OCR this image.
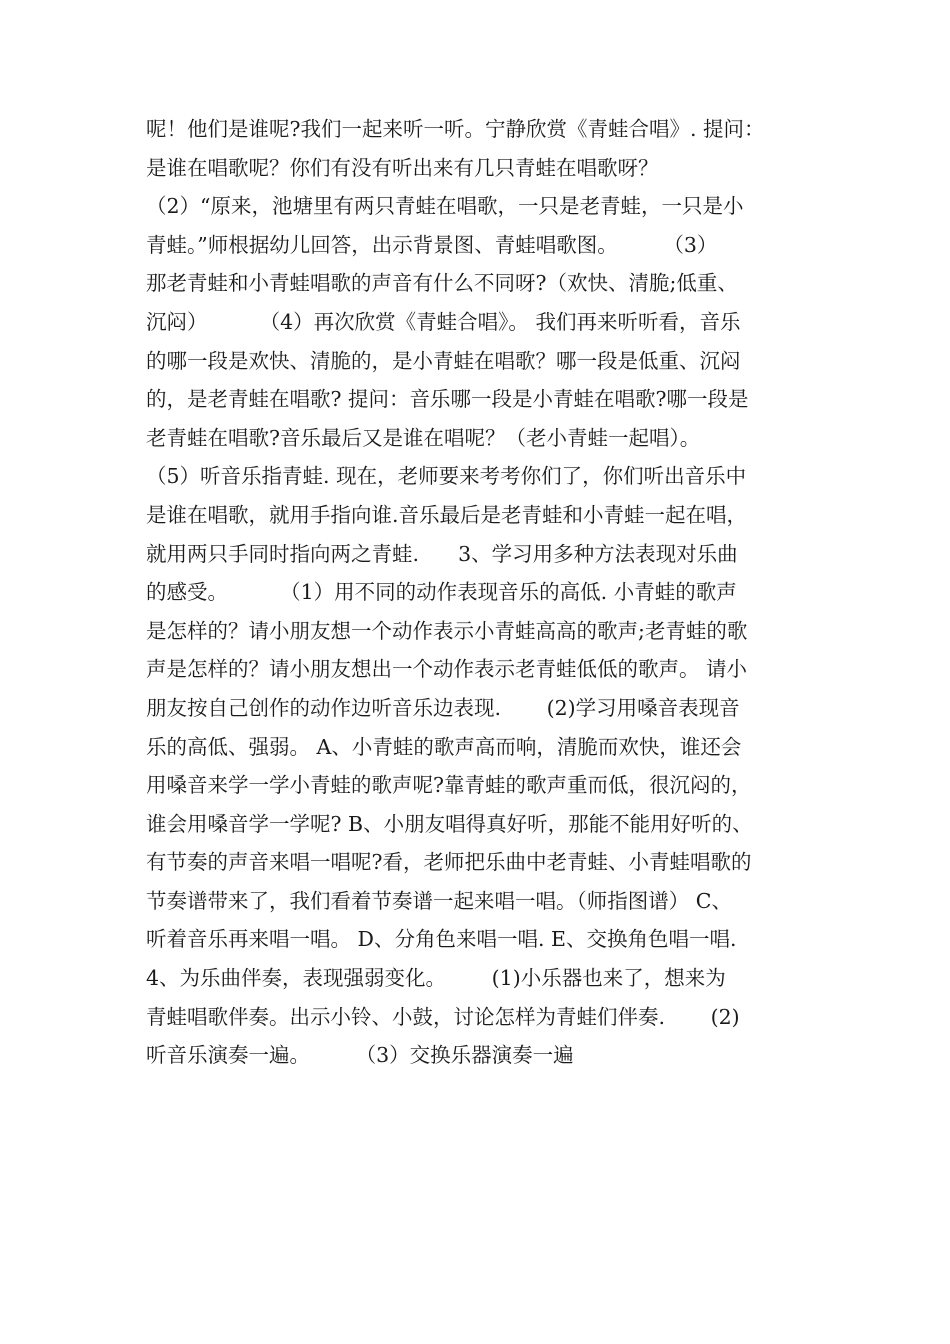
呢！他们是谁呢?我们一起来听一听。宁静欣赏《青蛙合唱》. 提问：
是谁在唱歌呢？你们有没有听出来有几只青蛙在唱歌呀？
（2）“原来，池塘里有两只青蛙在唱歌，一只是老青蛙，一只是小
青蛙。”师根据幼儿回答，出示背景图、青蛙唱歌图。       （3）
那老青蛙和小青蛙唱歌的声音有什么不同呀?（欢快、清脆;低重、
沉闷）        （4）再次欣赏《青蛙合唱》。 我们再来听听看，音乐
的哪一段是欢快、清脆的，是小青蛙在唱歌？哪一段是低重、沉闷
的，是老青蛙在唱歌? 提问：音乐哪一段是小青蛙在唱歌?哪一段是
老青蛙在唱歌?音乐最后又是谁在唱呢？（老小青蛙一起唱）。
（5）听音乐指青蛙. 现在，老师要来考考你们了，你们听出音乐中
是谁在唱歌，就用手指向谁.音乐最后是老青蛙和小青蛙一起在唱，
就用两只手同时指向两之青蛙.      3、学习用多种方法表现对乐曲
的感受。        （1）用不同的动作表现音乐的高低. 小青蛙的歌声
是怎样的？请小朋友想一个动作表示小青蛙高高的歌声;老青蛙的歌
声是怎样的？请小朋友想出一个动作表示老青蛙低低的歌声。 请小
朋友按自己创作的动作边听音乐边表现.       (2)学习用嗓音表现音
乐的高低、强弱。 A、小青蛙的歌声高而响，清脆而欢快，谁还会
用嗓音来学一学小青蛙的歌声呢?靠青蛙的歌声重而低，很沉闷的，
谁会用嗓音学一学呢? B、小朋友唱得真好听，那能不能用好听的、
有节奏的声音来唱一唱呢?看，老师把乐曲中老青蛙、小青蛙唱歌的
节奏谱带来了，我们看着节奏谱一起来唱一唱。（师指图谱） C、
听着音乐再来唱一唱。 D、分角色来唱一唱. E、交换角色唱一唱.
4、为乐曲伴奏，表现强弱变化。       (1)小乐器也来了，想来为
青蛙唱歌伴奏。出示小铃、小鼓，讨论怎样为青蛙们伴奏.       (2)
听音乐演奏一遍。       （3）交换乐器演奏一遍
